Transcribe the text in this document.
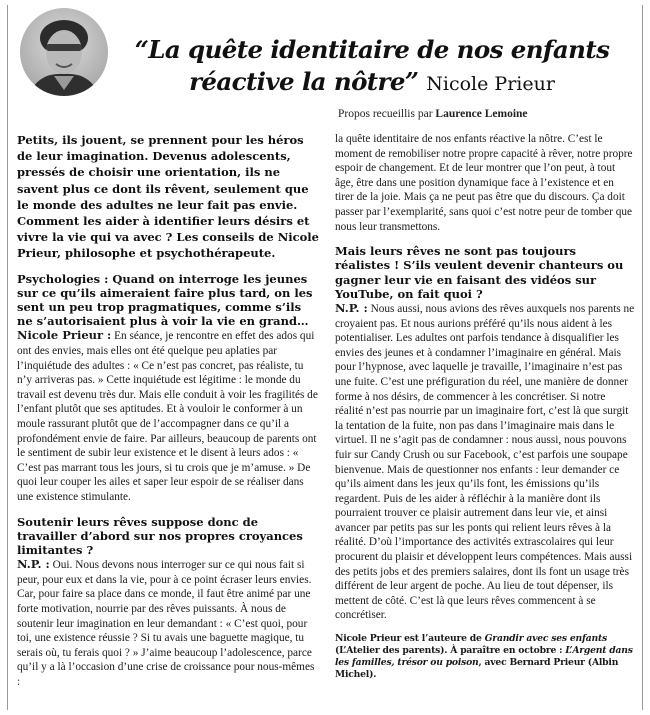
“La quête identitaire de nos enfants
réactive la nôtre” Nicole Prieur
Propos recueillis par Laurence Lemoine

Petits, ils jouent, se prennent pour les héros de leur imagination. Devenus adolescents, pressés de choisir une orientation, ils ne savent plus ce dont ils rêvent, seulement que le monde des adultes ne leur fait pas envie. Comment les aider à identifier leurs désirs et vivre la vie qui va avec ? Les conseils de Nicole Prieur, philosophe et psychothérapeute.

Psychologies : Quand on interroge les jeunes sur ce qu’ils aimeraient faire plus tard, on les sent un peu trop pragmatiques, comme s’ils ne s’autorisaient plus à voir la vie en grand…

Nicole Prieur : En séance, je rencontre en effet des ados qui ont des envies, mais elles ont été quelque peu aplaties par l’inquiétude des adultes : « Ce n’est pas concret, pas réaliste, tu n’y arriveras pas. » Cette inquiétude est légitime : le monde du travail est devenu très dur. Mais elle conduit à voir les fragilités de l’enfant plutôt que ses aptitudes. Et à vouloir le conformer à un moule rassurant plutôt que de l’accompagner dans ce qu’il a profondément envie de faire. Par ailleurs, beaucoup de parents ont le sentiment de subir leur existence et le disent à leurs ados : « C’est pas marrant tous les jours, si tu crois que je m’amuse. » De quoi leur couper les ailes et saper leur espoir de se réaliser dans une existence stimulante.

Soutenir leurs rêves suppose donc de travailler d’abord sur nos propres croyances limitantes ?

N.P. : Oui. Nous devons nous interroger sur ce qui nous fait si peur, pour eux et dans la vie, pour à ce point écraser leurs envies. Car, pour faire sa place dans ce monde, il faut être animé par une forte motivation, nourrie par des rêves puissants. À nous de soutenir leur imagination en leur demandant : « C’est quoi, pour toi, une existence réussie ? Si tu avais une baguette magique, tu serais où, tu ferais quoi ? » J’aime beaucoup l’adolescence, parce qu’il y a là l’occasion d’une crise de croissance pour nous-mêmes :

la quête identitaire de nos enfants réactive la nôtre. C’est le moment de remobiliser notre propre capacité à rêver, notre propre espoir de changement. Et de leur montrer que l’on peut, à tout âge, être dans une position dynamique face à l’existence et en tirer de la joie. Mais ça ne peut pas être que du discours. Ça doit passer par l’exemplarité, sans quoi c’est notre peur de tomber que nous leur transmettons.

Mais leurs rêves ne sont pas toujours réalistes ! S’ils veulent devenir chanteurs ou gagner leur vie en faisant des vidéos sur YouTube, on fait quoi ?

N.P. : Nous aussi, nous avions des rêves auxquels nos parents ne croyaient pas. Et nous aurions préféré qu’ils nous aident à les potentialiser. Les adultes ont parfois tendance à disqualifier les envies des jeunes et à condamner l’imaginaire en général. Mais pour l’hypnose, avec laquelle je travaille, l’imaginaire n’est pas une fuite. C’est une préfiguration du réel, une manière de donner forme à nos désirs, de commencer à les concrétiser. Si notre réalité n’est pas nourrie par un imaginaire fort, c’est là que surgit la tentation de la fuite, non pas dans l’imaginaire mais dans le virtuel. Il ne s’agit pas de condamner : nous aussi, nous pouvons fuir sur Candy Crush ou sur Facebook, c’est parfois une soupape bienvenue. Mais de questionner nos enfants : leur demander ce qu’ils aiment dans les jeux qu’ils font, les émissions qu’ils regardent. Puis de les aider à réfléchir à la manière dont ils pourraient trouver ce plaisir autrement dans leur vie, et ainsi avancer par petits pas sur les ponts qui relient leurs rêves à la réalité. D’où l’importance des activités extrascolaires qui leur procurent du plaisir et développent leurs compétences. Mais aussi des petits jobs et des premiers salaires, dont ils font un usage très différent de leur argent de poche. Au lieu de tout dépenser, ils mettent de côté. C’est là que leurs rêves commencent à se concrétiser.

Nicole Prieur est l’auteure de Grandir avec ses enfants (L’Atelier des parents). À paraître en octobre : L’Argent dans les familles, trésor ou poison, avec Bernard Prieur (Albin Michel).
